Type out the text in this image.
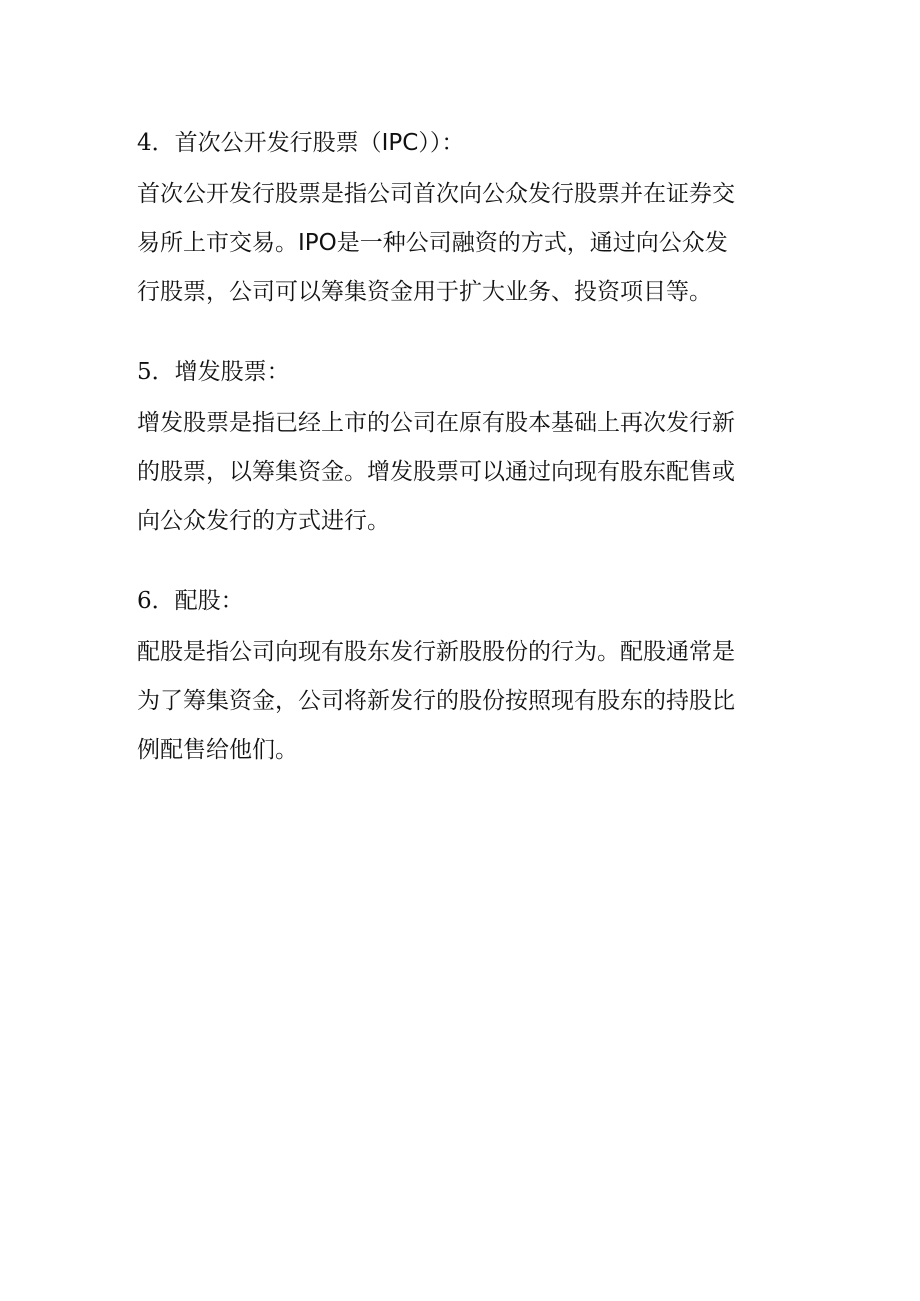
4．首次公开发行股票（IPC））：
首次公开发行股票是指公司首次向公众发行股票并在证券交
易所上市交易。IPO是一种公司融资的方式，通过向公众发
行股票，公司可以筹集资金用于扩大业务、投资项目等。
5．增发股票：
增发股票是指已经上市的公司在原有股本基础上再次发行新
的股票，以筹集资金。增发股票可以通过向现有股东配售或
向公众发行的方式进行。
6．配股：
配股是指公司向现有股东发行新股股份的行为。配股通常是
为了筹集资金，公司将新发行的股份按照现有股东的持股比
例配售给他们。
